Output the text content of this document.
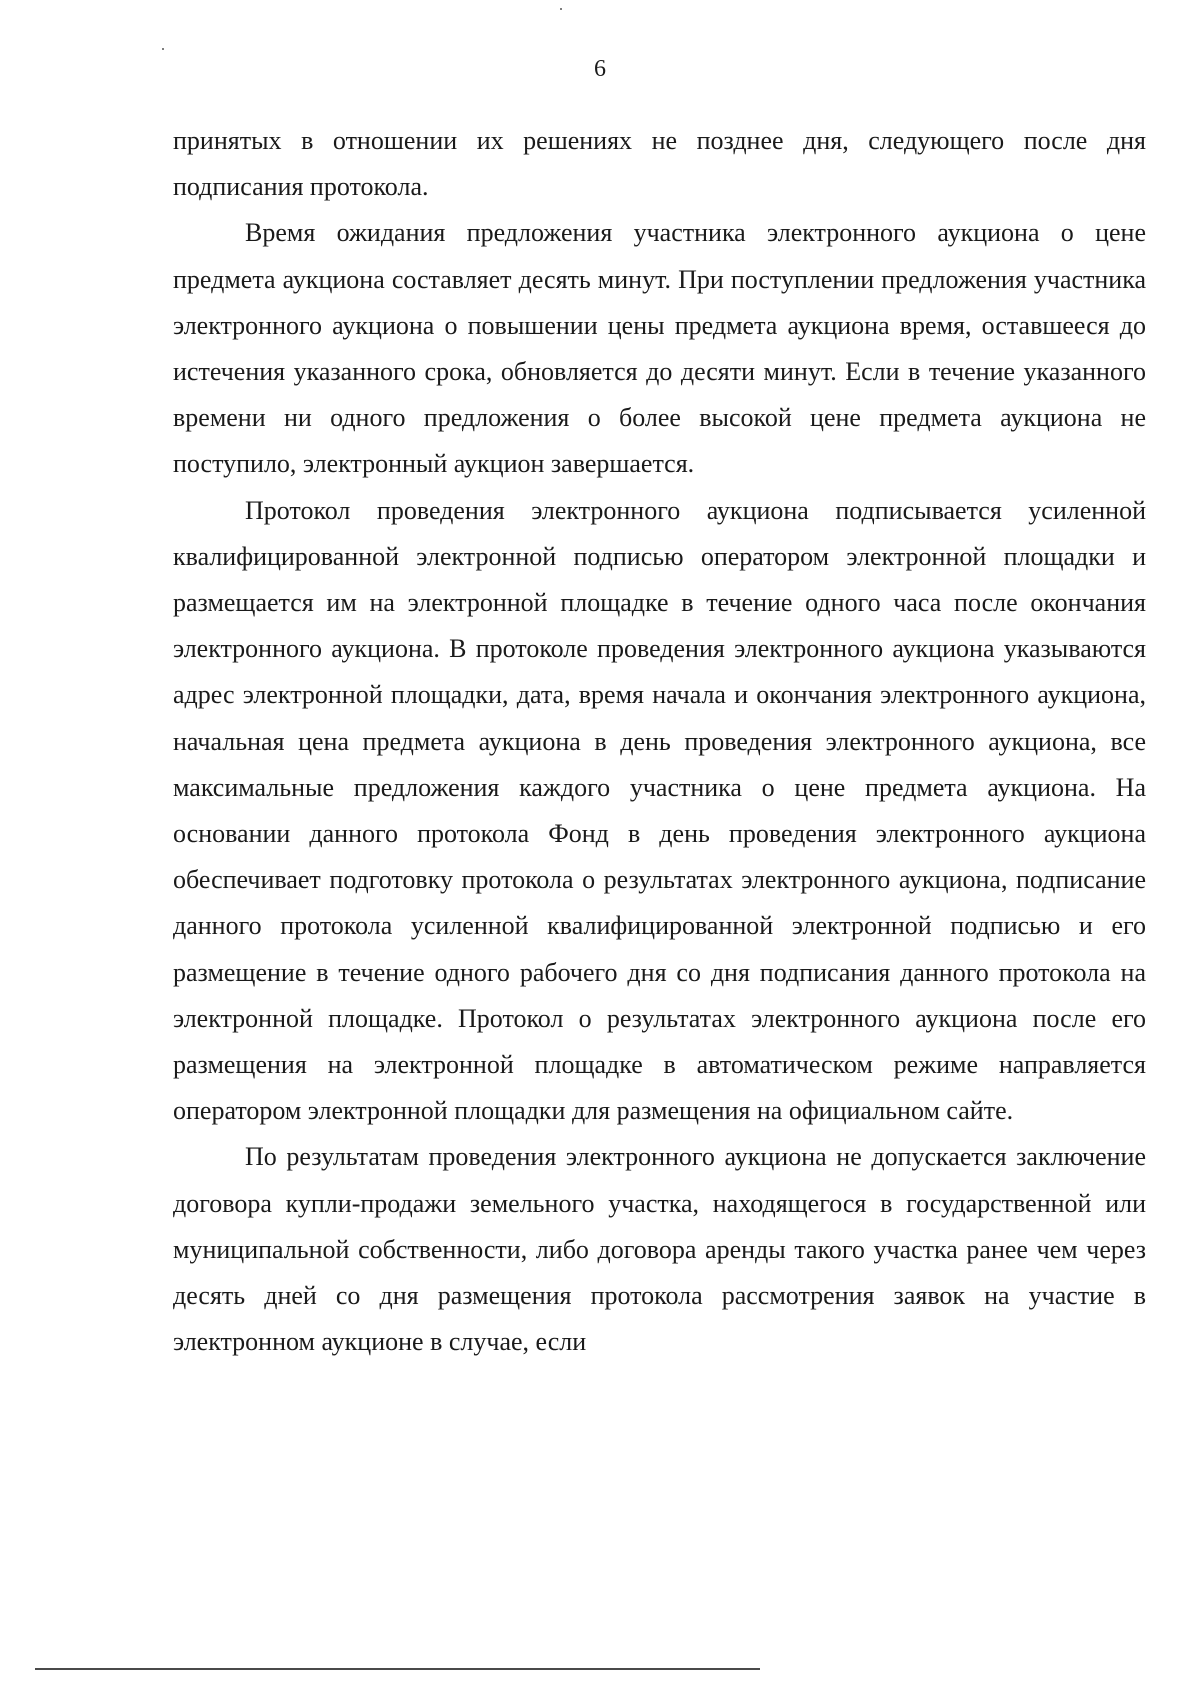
6

принятых в отношении их решениях не позднее дня, следующего после дня подписания протокола.

Время ожидания предложения участника электронного аукциона о цене предмета аукциона составляет десять минут. При поступлении предложения участника электронного аукциона о повышении цены предмета аукциона время, оставшееся до истечения указанного срока, обновляется до десяти минут. Если в течение указанного времени ни одного предложения о более высокой цене предмета аукциона не поступило, электронный аукцион завершается.

Протокол проведения электронного аукциона подписывается усиленной квалифицированной электронной подписью оператором электронной площадки и размещается им на электронной площадке в течение одного часа после окончания электронного аукциона. В протоколе проведения электронного аукциона указываются адрес электронной площадки, дата, время начала и окончания электронного аукциона, начальная цена предмета аукциона в день проведения электронного аукциона, все максимальные предложения каждого участника о цене предмета аукциона. На основании данного протокола Фонд в день проведения электронного аукциона обеспечивает подготовку протокола о результатах электронного аукциона, подписание данного протокола усиленной квалифицированной электронной подписью и его размещение в течение одного рабочего дня со дня подписания данного протокола на электронной площадке. Протокол о результатах электронного аукциона после его размещения на электронной площадке в автоматическом режиме направляется оператором электронной площадки для размещения на официальном сайте.

По результатам проведения электронного аукциона не допускается заключение договора купли-продажи земельного участка, находящегося в государственной или муниципальной собственности, либо договора аренды такого участка ранее чем через десять дней со дня размещения протокола рассмотрения заявок на участие в электронном аукционе в случае, если
